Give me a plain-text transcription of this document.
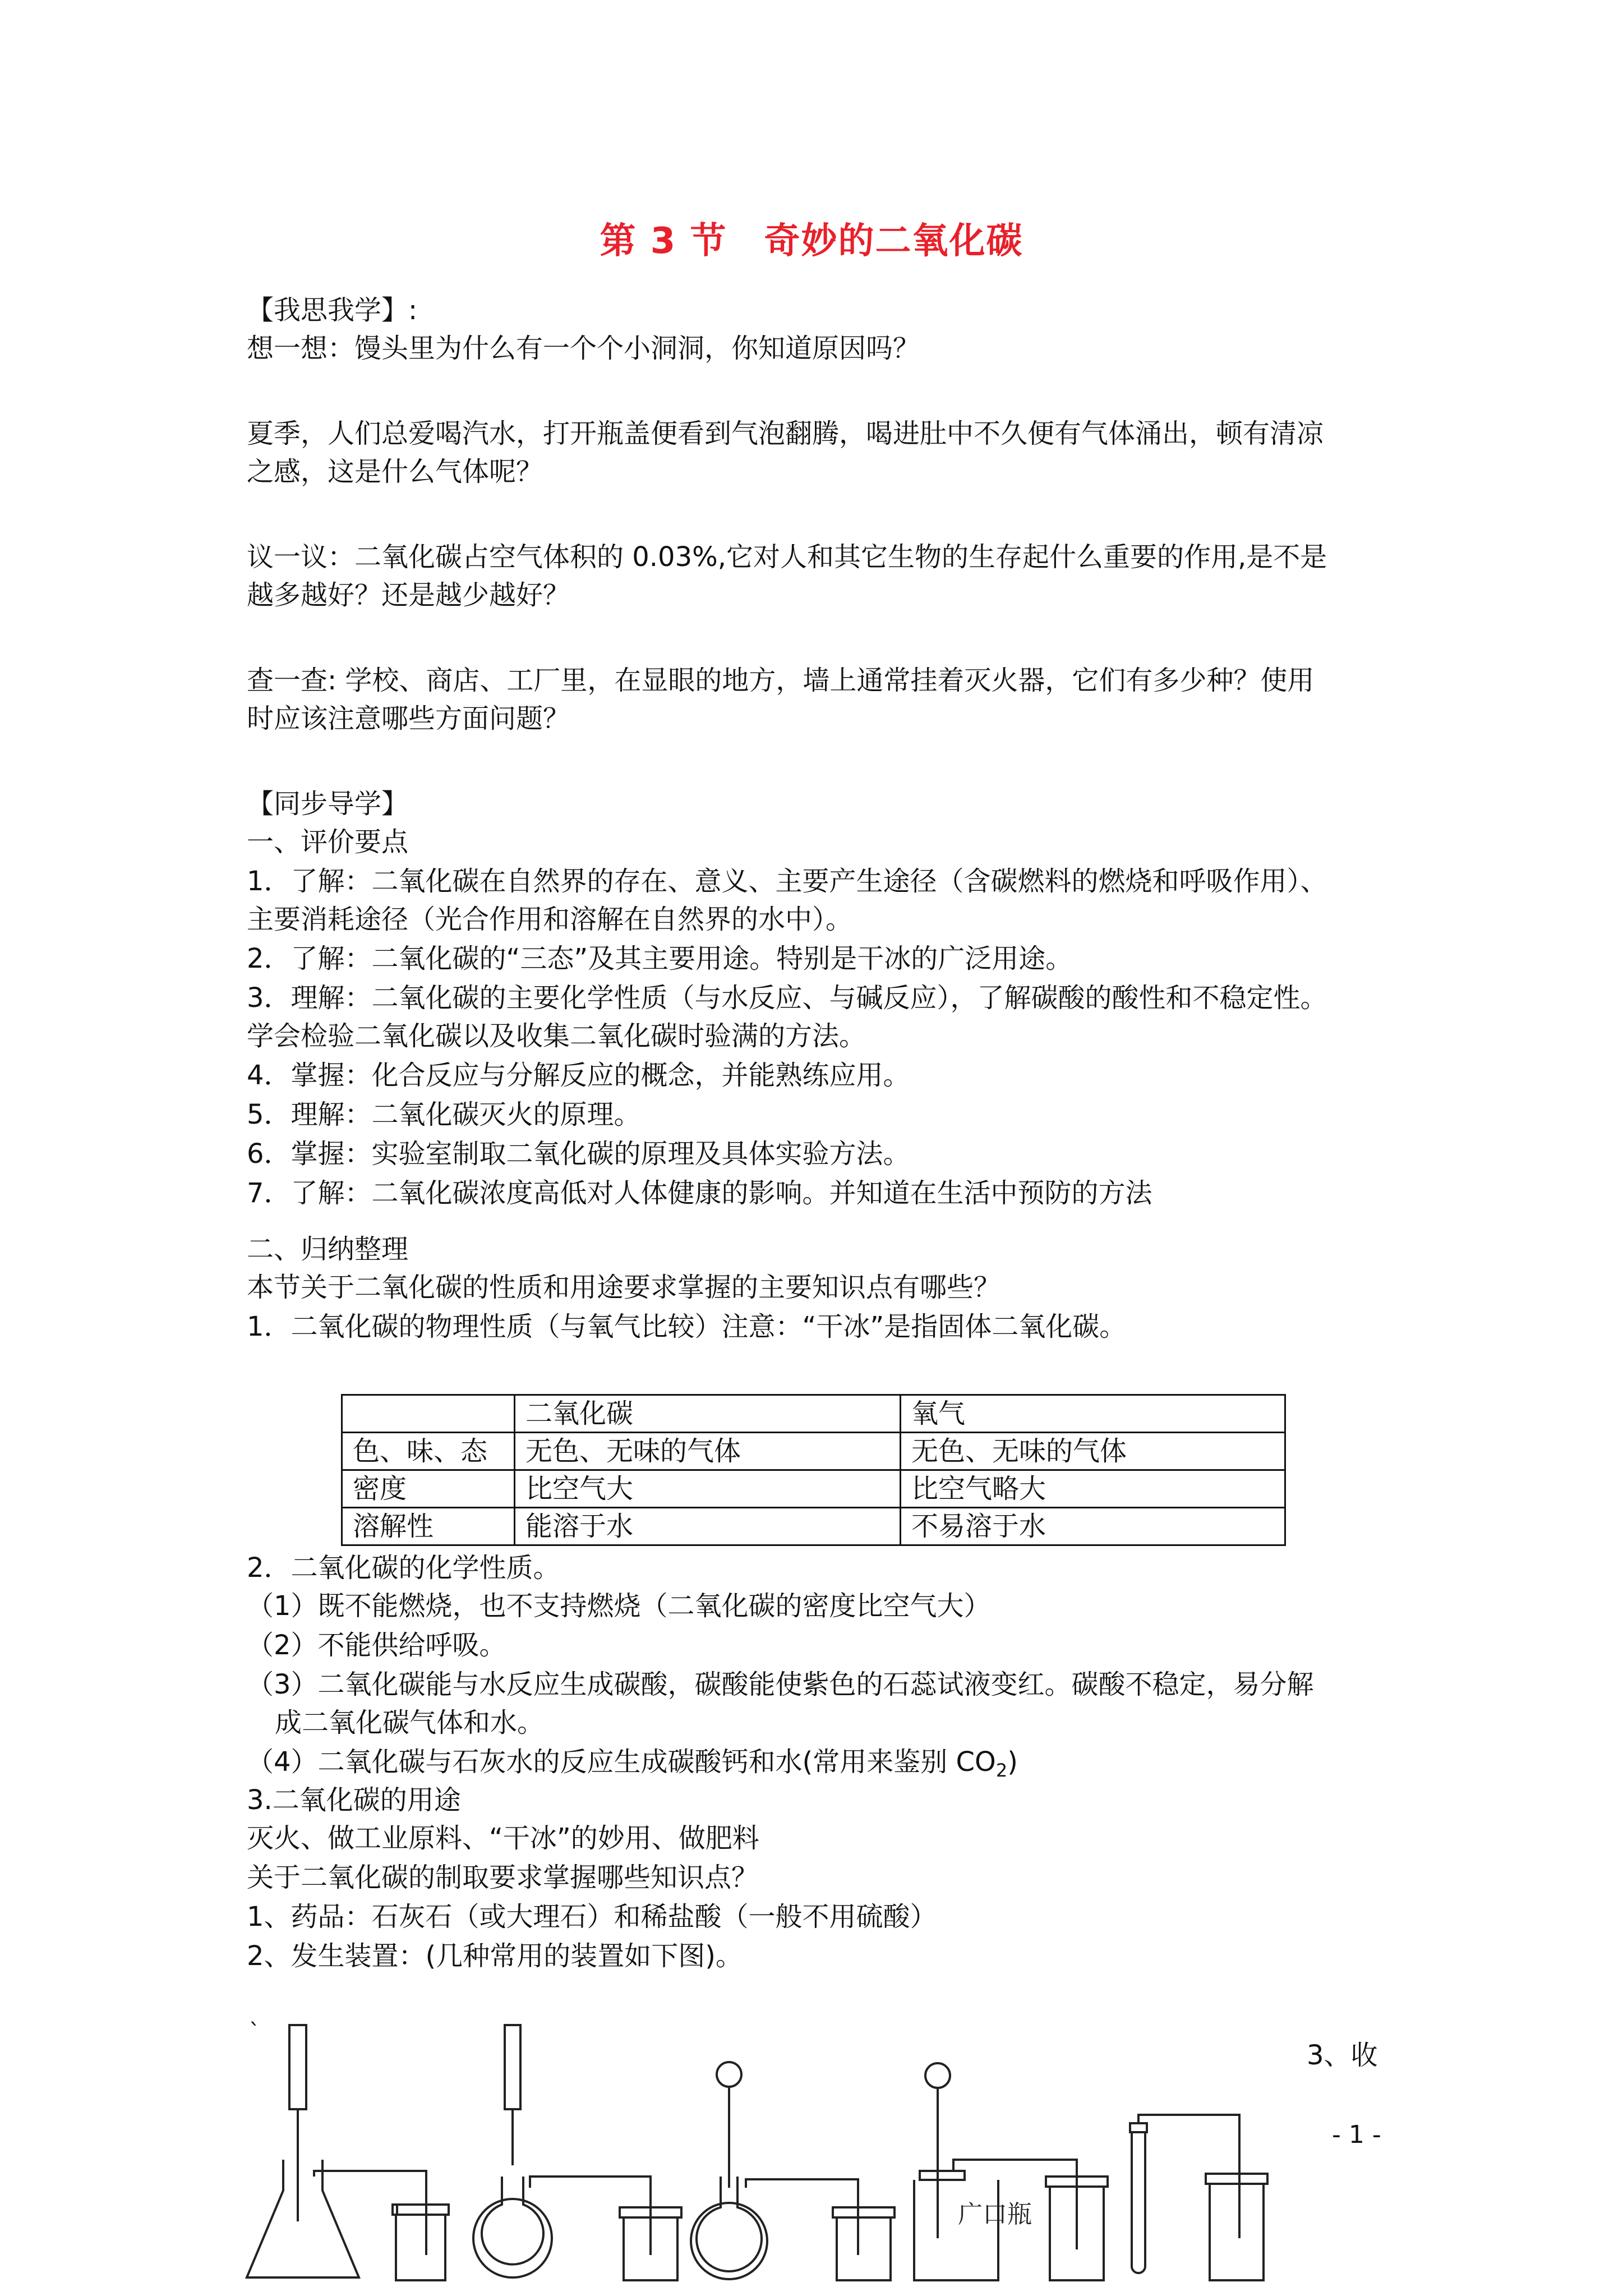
第 3 节　奇妙的二氧化碳
【我思我学】:
想一想：馒头里为什么有一个个小洞洞，你知道原因吗？
夏季，人们总爱喝汽水，打开瓶盖便看到气泡翻腾，喝进肚中不久便有气体涌出，顿有清凉
之感，这是什么气体呢？
议一议：二氧化碳占空气体积的 0.03%,它对人和其它生物的生存起什么重要的作用,是不是
越多越好？还是越少越好？
查一查: 学校、商店、工厂里，在显眼的地方，墙上通常挂着灭火器，它们有多少种？使用
时应该注意哪些方面问题？
【同步导学】
一、评价要点
1．了解：二氧化碳在自然界的存在、意义、主要产生途径（含碳燃料的燃烧和呼吸作用）、
主要消耗途径（光合作用和溶解在自然界的水中）。
2．了解：二氧化碳的“三态”及其主要用途。特别是干冰的广泛用途。
3．理解：二氧化碳的主要化学性质（与水反应、与碱反应），了解碳酸的酸性和不稳定性。
学会检验二氧化碳以及收集二氧化碳时验满的方法。
4．掌握：化合反应与分解反应的概念，并能熟练应用。
5．理解：二氧化碳灭火的原理。
6．掌握：实验室制取二氧化碳的原理及具体实验方法。
7．了解：二氧化碳浓度高低对人体健康的影响。并知道在生活中预防的方法
二、归纳整理
本节关于二氧化碳的性质和用途要求掌握的主要知识点有哪些？
1．二氧化碳的物理性质（与氧气比较）注意：“干冰”是指固体二氧化碳。
	二氧化碳	氧气
色、味、态	无色、无味的气体	无色、无味的气体
密度	比空气大	比空气略大
溶解性	能溶于水	不易溶于水
2．二氧化碳的化学性质。
（1）既不能燃烧，也不支持燃烧（二氧化碳的密度比空气大）
（2）不能供给呼吸。
（3）二氧化碳能与水反应生成碳酸，碳酸能使紫色的石蕊试液变红。碳酸不稳定，易分解
成二氧化碳气体和水。
（4）二氧化碳与石灰水的反应生成碳酸钙和水(常用来鉴别 $CO_2$)
3.二氧化碳的用途
灭火、做工业原料、“干冰”的妙用、做肥料
关于二氧化碳的制取要求掌握哪些知识点？
1、药品：石灰石（或大理石）和稀盐酸（一般不用硫酸）
2、发生装置：(几种常用的装置如下图)。
`
3、收
- 1 -
广口瓶
